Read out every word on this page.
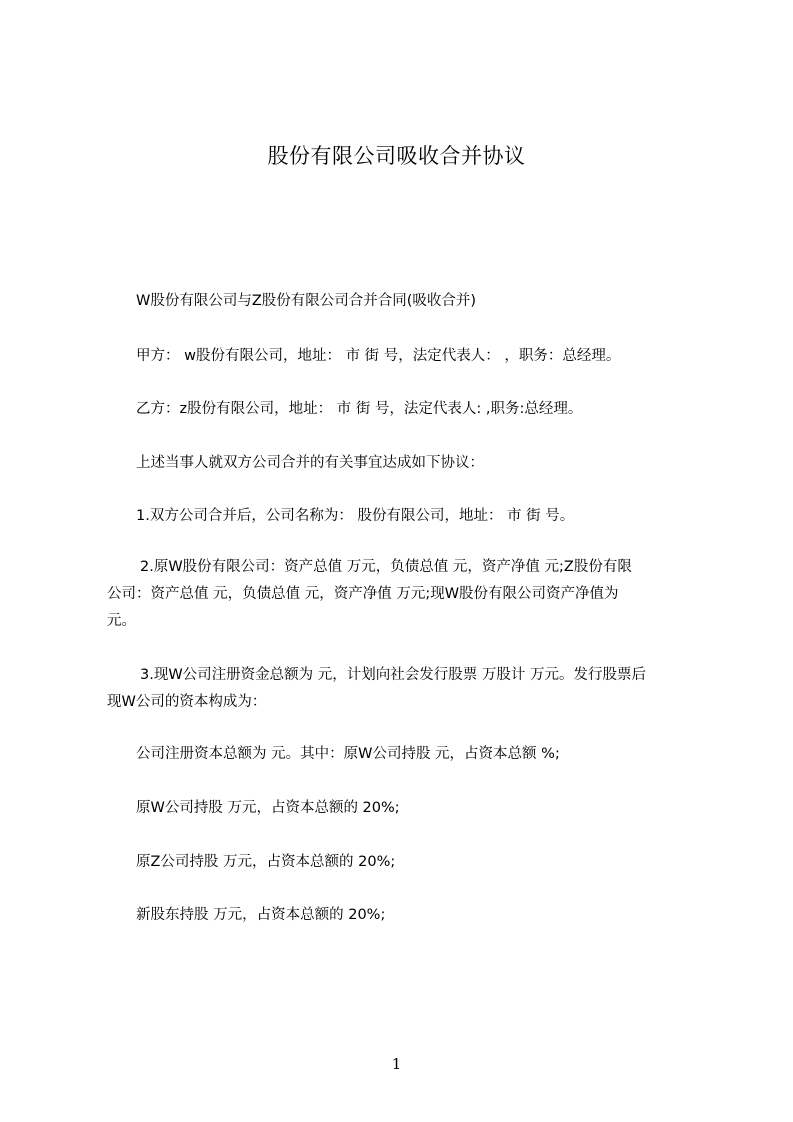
股份有限公司吸收合并协议
W股份有限公司与Z股份有限公司合并合同(吸收合并)
甲方： w股份有限公司，地址： 市 街 号，法定代表人： ，职务：总经理。
乙方：z股份有限公司，地址： 市 街 号，法定代表人: ,职务:总经理。
上述当事人就双方公司合并的有关事宜达成如下协议：
1.双方公司合并后，公司名称为： 股份有限公司，地址： 市 街 号。
2.原W股份有限公司：资产总值 万元，负债总值 元，资产净值 元;Z股份有限
公司：资产总值 元，负债总值 元，资产净值 万元;现W股份有限公司资产净值为
元。
3.现W公司注册资金总额为 元，计划向社会发行股票 万股计 万元。发行股票后
现W公司的资本构成为：
公司注册资本总额为 元。其中：原W公司持股 元，占资本总额 %;
原W公司持股 万元，占资本总额的 20%;
原Z公司持股 万元，占资本总额的 20%;
新股东持股 万元，占资本总额的 20%;
1
